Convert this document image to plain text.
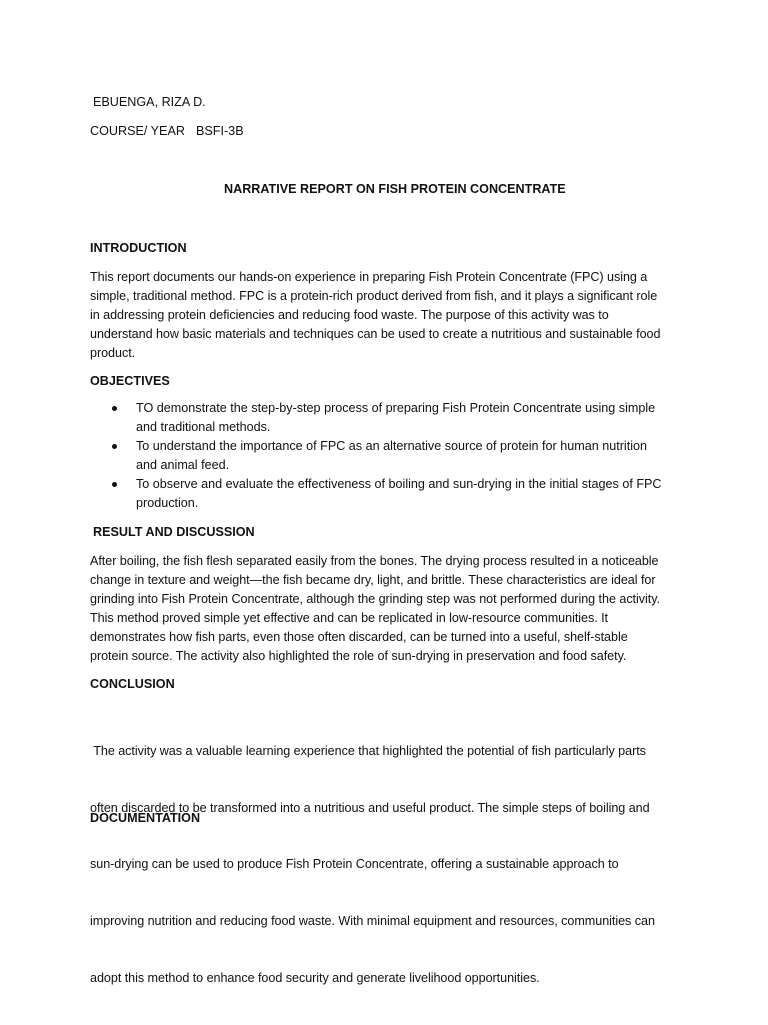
EBUENGA, RIZA D.
COURSE/ YEAR BSFI-3B
NARRATIVE REPORT ON FISH PROTEIN CONCENTRATE
INTRODUCTION
This report documents our hands-on experience in preparing Fish Protein Concentrate (FPC) using a
simple, traditional method. FPC is a protein-rich product derived from fish, and it plays a significant role
in addressing protein deficiencies and reducing food waste. The purpose of this activity was to
understand how basic materials and techniques can be used to create a nutritious and sustainable food
product.
OBJECTIVES
TO demonstrate the step-by-step process of preparing Fish Protein Concentrate using simple
and traditional methods.
To understand the importance of FPC as an alternative source of protein for human nutrition
and animal feed.
To observe and evaluate the effectiveness of boiling and sun-drying in the initial stages of FPC
production.
RESULT AND DISCUSSION
After boiling, the fish flesh separated easily from the bones. The drying process resulted in a noticeable
change in texture and weight—the fish became dry, light, and brittle. These characteristics are ideal for
grinding into Fish Protein Concentrate, although the grinding step was not performed during the activity.
This method proved simple yet effective and can be replicated in low-resource communities. It
demonstrates how fish parts, even those often discarded, can be turned into a useful, shelf-stable
protein source. The activity also highlighted the role of sun-drying in preservation and food safety.
CONCLUSION

The activity was a valuable learning experience that highlighted the potential of fish particularly parts

often discarded to be transformed into a nutritious and useful product. The simple steps of boiling and

sun-drying can be used to produce Fish Protein Concentrate, offering a sustainable approach to

improving nutrition and reducing food waste. With minimal equipment and resources, communities can

adopt this method to enhance food security and generate livelihood opportunities.

DOCUMENTATION
